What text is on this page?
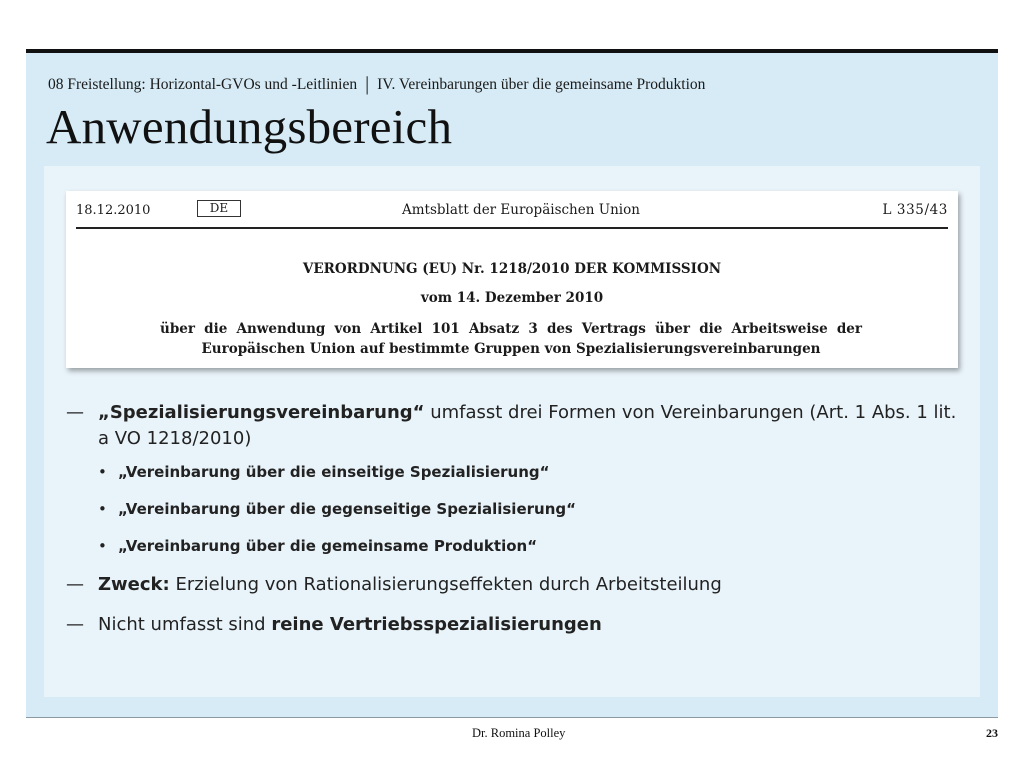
08 Freistellung: Horizontal-GVOs und -Leitlinien | IV. Vereinbarungen über die gemeinsame Produktion
Anwendungsbereich
18.12.2010	DE	Amtsblatt der Europäischen Union	L 335/43
VERORDNUNG (EU) Nr. 1218/2010 DER KOMMISSION
vom 14. Dezember 2010
über die Anwendung von Artikel 101 Absatz 3 des Vertrags über die Arbeitsweise der
Europäischen Union auf bestimmte Gruppen von Spezialisierungsvereinbarungen
— „Spezialisierungsvereinbarung“ umfasst drei Formen von Vereinbarungen (Art. 1 Abs. 1 lit. a VO 1218/2010)
• „Vereinbarung über die einseitige Spezialisierung“
• „Vereinbarung über die gegenseitige Spezialisierung“
• „Vereinbarung über die gemeinsame Produktion“
— Zweck: Erzielung von Rationalisierungseffekten durch Arbeitsteilung
— Nicht umfasst sind reine Vertriebsspezialisierungen
Dr. Romina Polley	23
